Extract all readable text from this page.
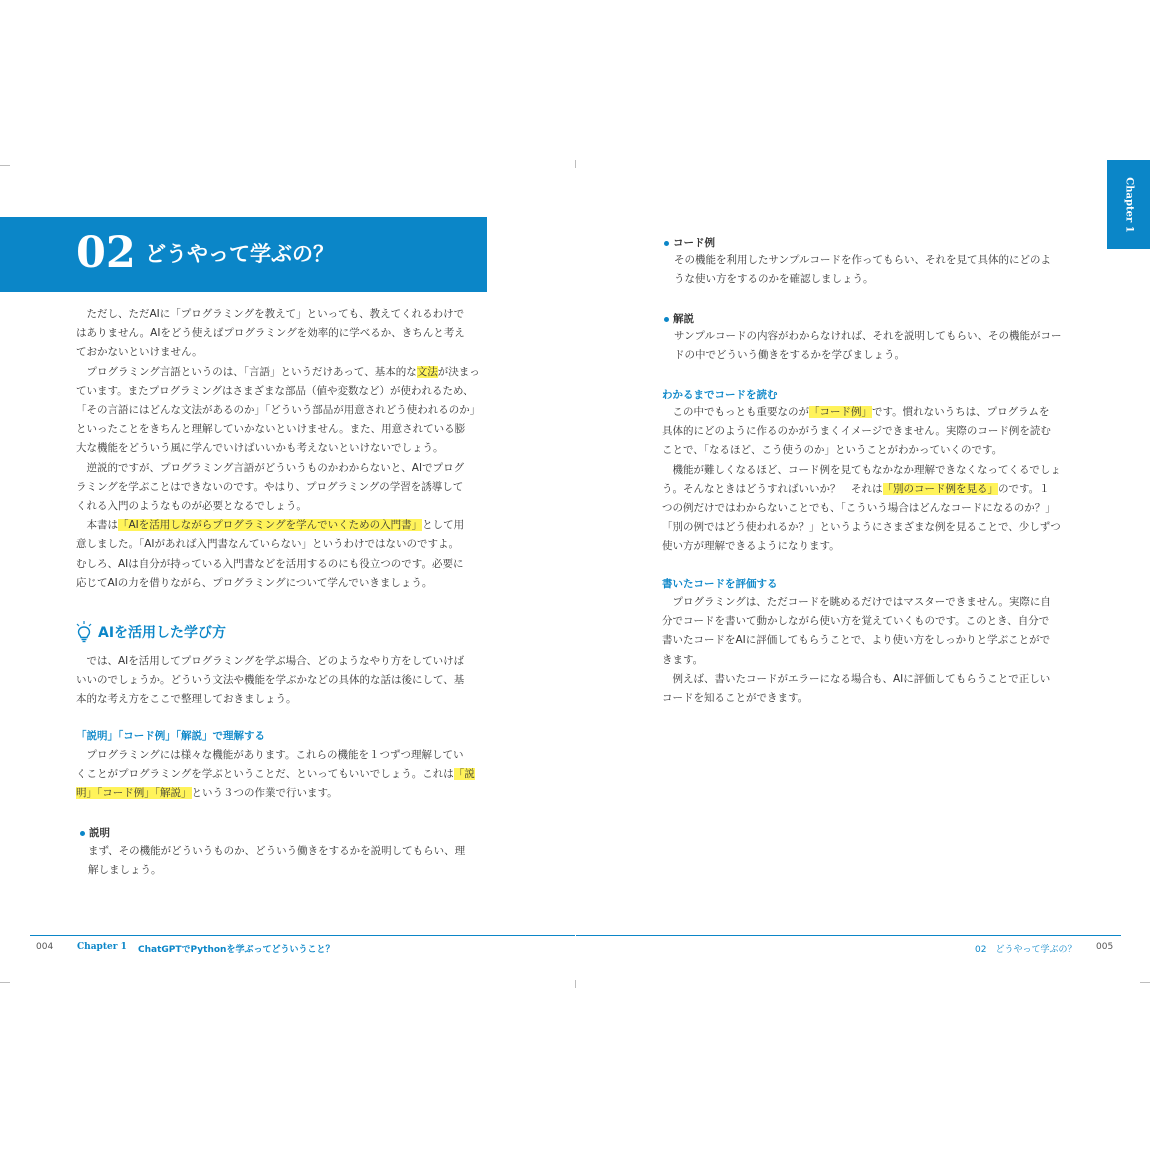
02 どうやって学ぶの？
　ただし、ただAIに「プログラミングを教えて」といっても、教えてくれるわけで
はありません。AIをどう使えばプログラミングを効率的に学べるか、きちんと考え
ておかないといけません。
　プログラミング言語というのは、「言語」というだけあって、基本的な文法が決まっ
ています。またプログラミングはさまざまな部品（値や変数など）が使われるため、
「その言語にはどんな文法があるのか」「どういう部品が用意されどう使われるのか」
といったことをきちんと理解していかないといけません。また、用意されている膨
大な機能をどういう風に学んでいけばいいかも考えないといけないでしょう。
　逆説的ですが、プログラミング言語がどういうものかわからないと、AIでプログ
ラミングを学ぶことはできないのです。やはり、プログラミングの学習を誘導して
くれる入門のようなものが必要となるでしょう。
　本書は「AIを活用しながらプログラミングを学んでいくための入門書」として用
意しました。「AIがあれば入門書なんていらない」というわけではないのですよ。
むしろ、AIは自分が持っている入門書などを活用するのにも役立つのです。必要に
応じてAIの力を借りながら、プログラミングについて学んでいきましょう。
AIを活用した学び方
　では、AIを活用してプログラミングを学ぶ場合、どのようなやり方をしていけば
いいのでしょうか。どういう文法や機能を学ぶかなどの具体的な話は後にして、基
本的な考え方をここで整理しておきましょう。
「説明」「コード例」「解説」で理解する
　プログラミングには様々な機能があります。これらの機能を１つずつ理解してい
くことがプログラミングを学ぶということだ、といってもいいでしょう。これは「説
明」「コード例」「解説」という３つの作業で行います。
説明
まず、その機能がどういうものか、どういう働きをするかを説明してもらい、理
解しましょう。
Chapter 1
コード例
その機能を利用したサンプルコードを作ってもらい、それを見て具体的にどのよ
うな使い方をするのかを確認しましょう。
解説
サンプルコードの内容がわからなければ、それを説明してもらい、その機能がコー
ドの中でどういう働きをするかを学びましょう。
わかるまでコードを読む
　この中でもっとも重要なのが「コード例」です。慣れないうちは、プログラムを
具体的にどのように作るのかがうまくイメージできません。実際のコード例を読む
ことで、「なるほど、こう使うのか」ということがわかっていくのです。
　機能が難しくなるほど、コード例を見てもなかなか理解できなくなってくるでしょ
う。そんなときはどうすればいいか？　それは「別のコード例を見る」のです。１
つの例だけではわからないことでも、「こういう場合はどんなコードになるのか？」
「別の例ではどう使われるか？」というようにさまざまな例を見ることで、少しずつ
使い方が理解できるようになります。
書いたコードを評価する
　プログラミングは、ただコードを眺めるだけではマスターできません。実際に自
分でコードを書いて動かしながら使い方を覚えていくものです。このとき、自分で
書いたコードをAIに評価してもらうことで、より使い方をしっかりと学ぶことがで
きます。
　例えば、書いたコードがエラーになる場合も、AIに評価してもらうことで正しい
コードを知ることができます。
004	Chapter 1 ChatGPTでPythonを学ぶってどういうこと？	02　どうやって学ぶの？ 005
